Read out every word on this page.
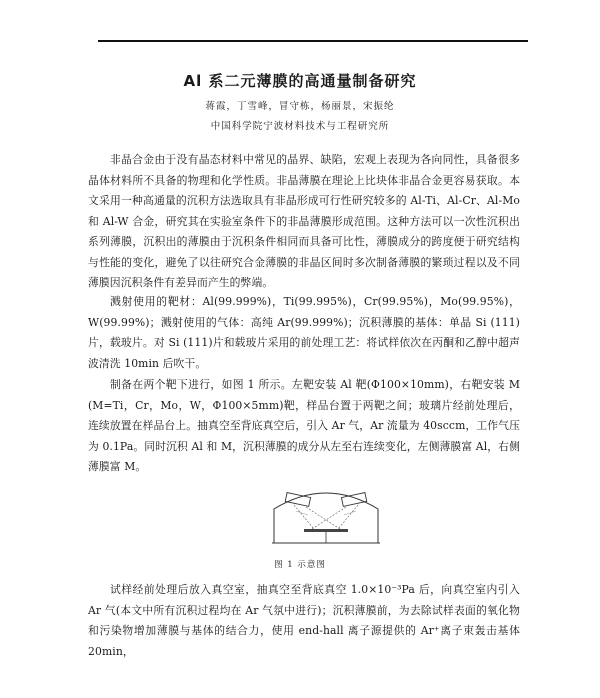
Al 系二元薄膜的高通量制备研究
蒋霞，丁雪峰，冒守栋，杨丽景，宋振纶
中国科学院宁波材料技术与工程研究所
非晶合金由于没有晶态材料中常见的晶界、缺陷，宏观上表现为各向同性，具备很多晶体材料所不具备的物理和化学性质。非晶薄膜在理论上比块体非晶合金更容易获取。本文采用一种高通量的沉积方法选取具有非晶形成可行性研究较多的 Al-Ti、Al-Cr、Al-Mo 和 Al-W 合金，研究其在实验室条件下的非晶薄膜形成范围。这种方法可以一次性沉积出系列薄膜，沉积出的薄膜由于沉积条件相同而具备可比性，薄膜成分的跨度便于研究结构与性能的变化，避免了以往研究合金薄膜的非晶区间时多次制备薄膜的繁琐过程以及不同薄膜因沉积条件有差异而产生的弊端。
溅射使用的靶材：Al(99.999%)，Ti(99.995%)，Cr(99.95%)，Mo(99.95%)，W(99.99%)；溅射使用的气体：高纯 Ar(99.999%)；沉积薄膜的基体：单晶 Si (111) 片，载玻片。对 Si (111)片和载玻片采用的前处理工艺：将试样依次在丙酮和乙醇中超声波清洗 10min 后吹干。
制备在两个靶下进行，如图 1 所示。左靶安装 Al 靶(Φ100×10mm)，右靶安装 M (M=Ti，Cr，Mo，W，Φ100×5mm)靶，样品台置于两靶之间；玻璃片经前处理后，连续放置在样品台上。抽真空至背底真空后，引入 Ar 气，Ar 流量为 40sccm，工作气压为 0.1Pa。同时沉积 Al 和 M，沉积薄膜的成分从左至右连续变化，左侧薄膜富 Al，右侧薄膜富 M。
图 1 示意图
试样经前处理后放入真空室，抽真空至背底真空 1.0×10⁻³Pa 后，向真空室内引入 Ar 气(本文中所有沉积过程均在 Ar 气氛中进行)；沉积薄膜前，为去除试样表面的氧化物和污染物增加薄膜与基体的结合力，使用 end-hall 离子源提供的 Ar⁺离子束轰击基体 20min，
